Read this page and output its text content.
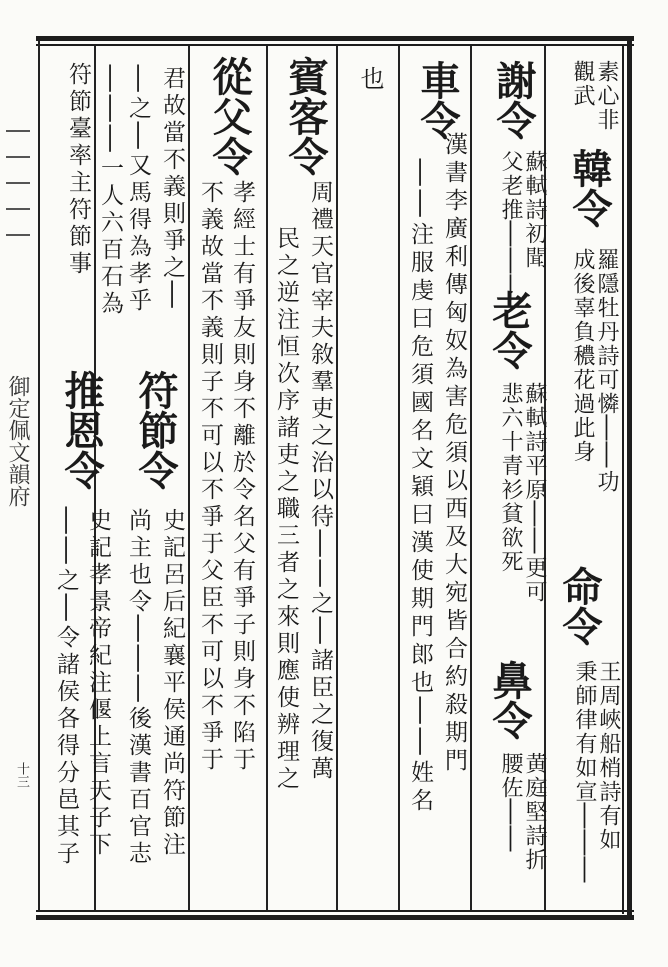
御定佩文韻府
十三
素心非
觀武
韓令
羅隱牡丹詩可憐││功
成後辜負穠花過此身
命令
王周峽船梢詩有如
秉師律有如宣│││
謝令
蘇軾詩初聞
父老推│││
老令
蘇軾詩平原││更可
悲六十青衫貧欲死
鼻令
黄庭堅詩折
腰佐││
車令
││注服虔曰危須國名文穎曰漢使期門郎也││姓名 漢書李廣利傳匈奴為害危須以西及大宛皆合約殺期門
也
賓客令
周禮天官宰夫敘羣吏之治以待││之│諸臣之復萬
民之逆注恒次序諸吏之職三者之來則應使辨理之
從父令
孝經士有爭友則身不離於令名父有爭子則身不陷于
不義故當不義則子不可以不爭于父臣不可以不爭于
君故當不義則爭之│
│之│又馬得為孝乎
符節令
史記呂后紀襄平侯通尚符節注
尚主也令│││後漢書百官志
符節臺率主符節事 │││一人六百石為
推恩令
史記孝景帝紀注偃上言天子下
││之│令諸侯各得分邑其子
